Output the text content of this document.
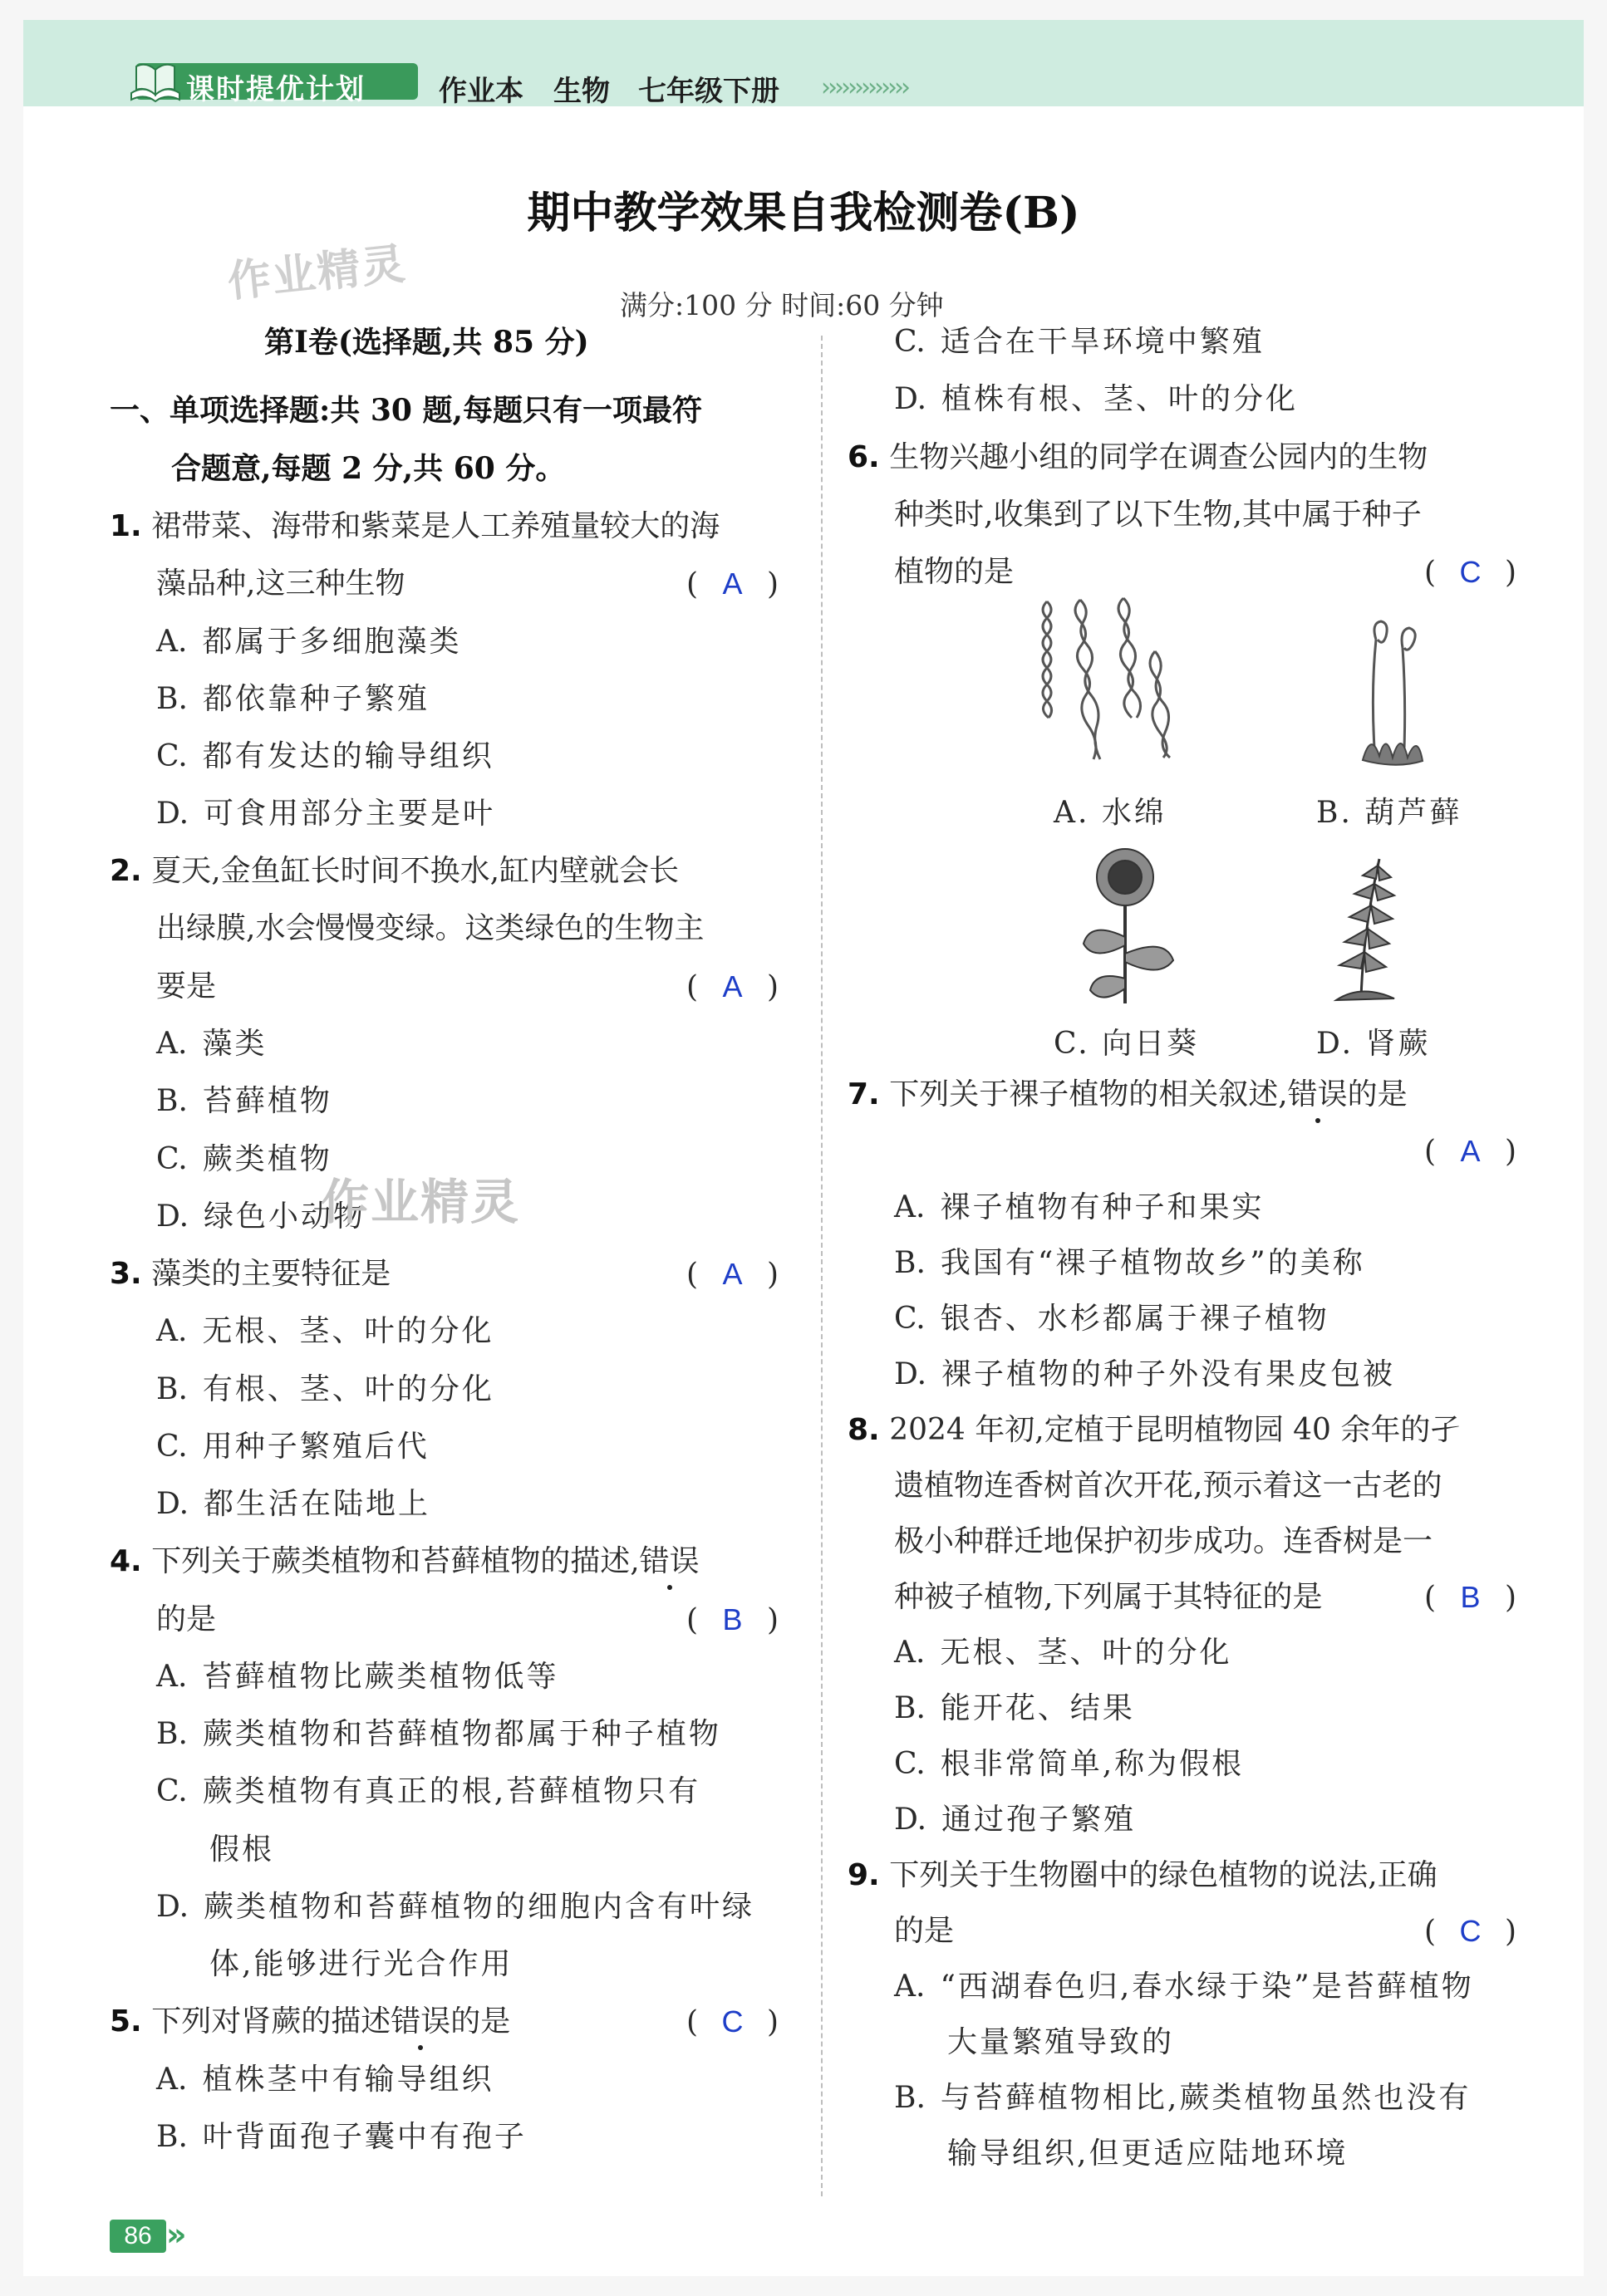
课时提优计划	作业本 生物 七年级下册 ›››››››››››››
期中教学效果自我检测卷(B)
作业精灵	满分:100 分 时间:60 分钟
第Ⅰ卷(选择题,共 85 分)
一、单项选择题:共 30 题,每题只有一项最符
合题意,每题 2 分,共 60 分。
1. 裙带菜、海带和紫菜是人工养殖量较大的海
藻品种,这三种生物	( A )
A. 都属于多细胞藻类
B. 都依靠种子繁殖
C. 都有发达的输导组织
D. 可食用部分主要是叶
2. 夏天,金鱼缸长时间不换水,缸内壁就会长
出绿膜,水会慢慢变绿。这类绿色的生物主
要是	( A )
A. 藻类
B. 苔藓植物
C. 蕨类植物
D. 绿色小动物
作业精灵
3. 藻类的主要特征是	( A )
A. 无根、茎、叶的分化
B. 有根、茎、叶的分化
C. 用种子繁殖后代
D. 都生活在陆地上
4. 下列关于蕨类植物和苔藓植物的描述,错误
的是	( B )
A. 苔藓植物比蕨类植物低等
B. 蕨类植物和苔藓植物都属于种子植物
C. 蕨类植物有真正的根,苔藓植物只有
假根
D. 蕨类植物和苔藓植物的细胞内含有叶绿
体,能够进行光合作用
5. 下列对肾蕨的描述错误的是	( C )
A. 植株茎中有输导组织
B. 叶背面孢子囊中有孢子
C. 适合在干旱环境中繁殖
D. 植株有根、茎、叶的分化
6. 生物兴趣小组的同学在调查公园内的生物
种类时,收集到了以下生物,其中属于种子
植物的是	( C )
A. 水绵	B. 葫芦藓
C. 向日葵	D. 肾蕨
7. 下列关于裸子植物的相关叙述,错误的是
( A )
A. 裸子植物有种子和果实
B. 我国有“裸子植物故乡”的美称
C. 银杏、水杉都属于裸子植物
D. 裸子植物的种子外没有果皮包被
8. 2024 年初,定植于昆明植物园 40 余年的孑
遗植物连香树首次开花,预示着这一古老的
极小种群迁地保护初步成功。连香树是一
种被子植物,下列属于其特征的是	( B )
A. 无根、茎、叶的分化
B. 能开花、结果
C. 根非常简单,称为假根
D. 通过孢子繁殖
9. 下列关于生物圈中的绿色植物的说法,正确
的是	( C )
A. “西湖春色归,春水绿于染”是苔藓植物
大量繁殖导致的
B. 与苔藓植物相比,蕨类植物虽然也没有
输导组织,但更适应陆地环境
86 »
